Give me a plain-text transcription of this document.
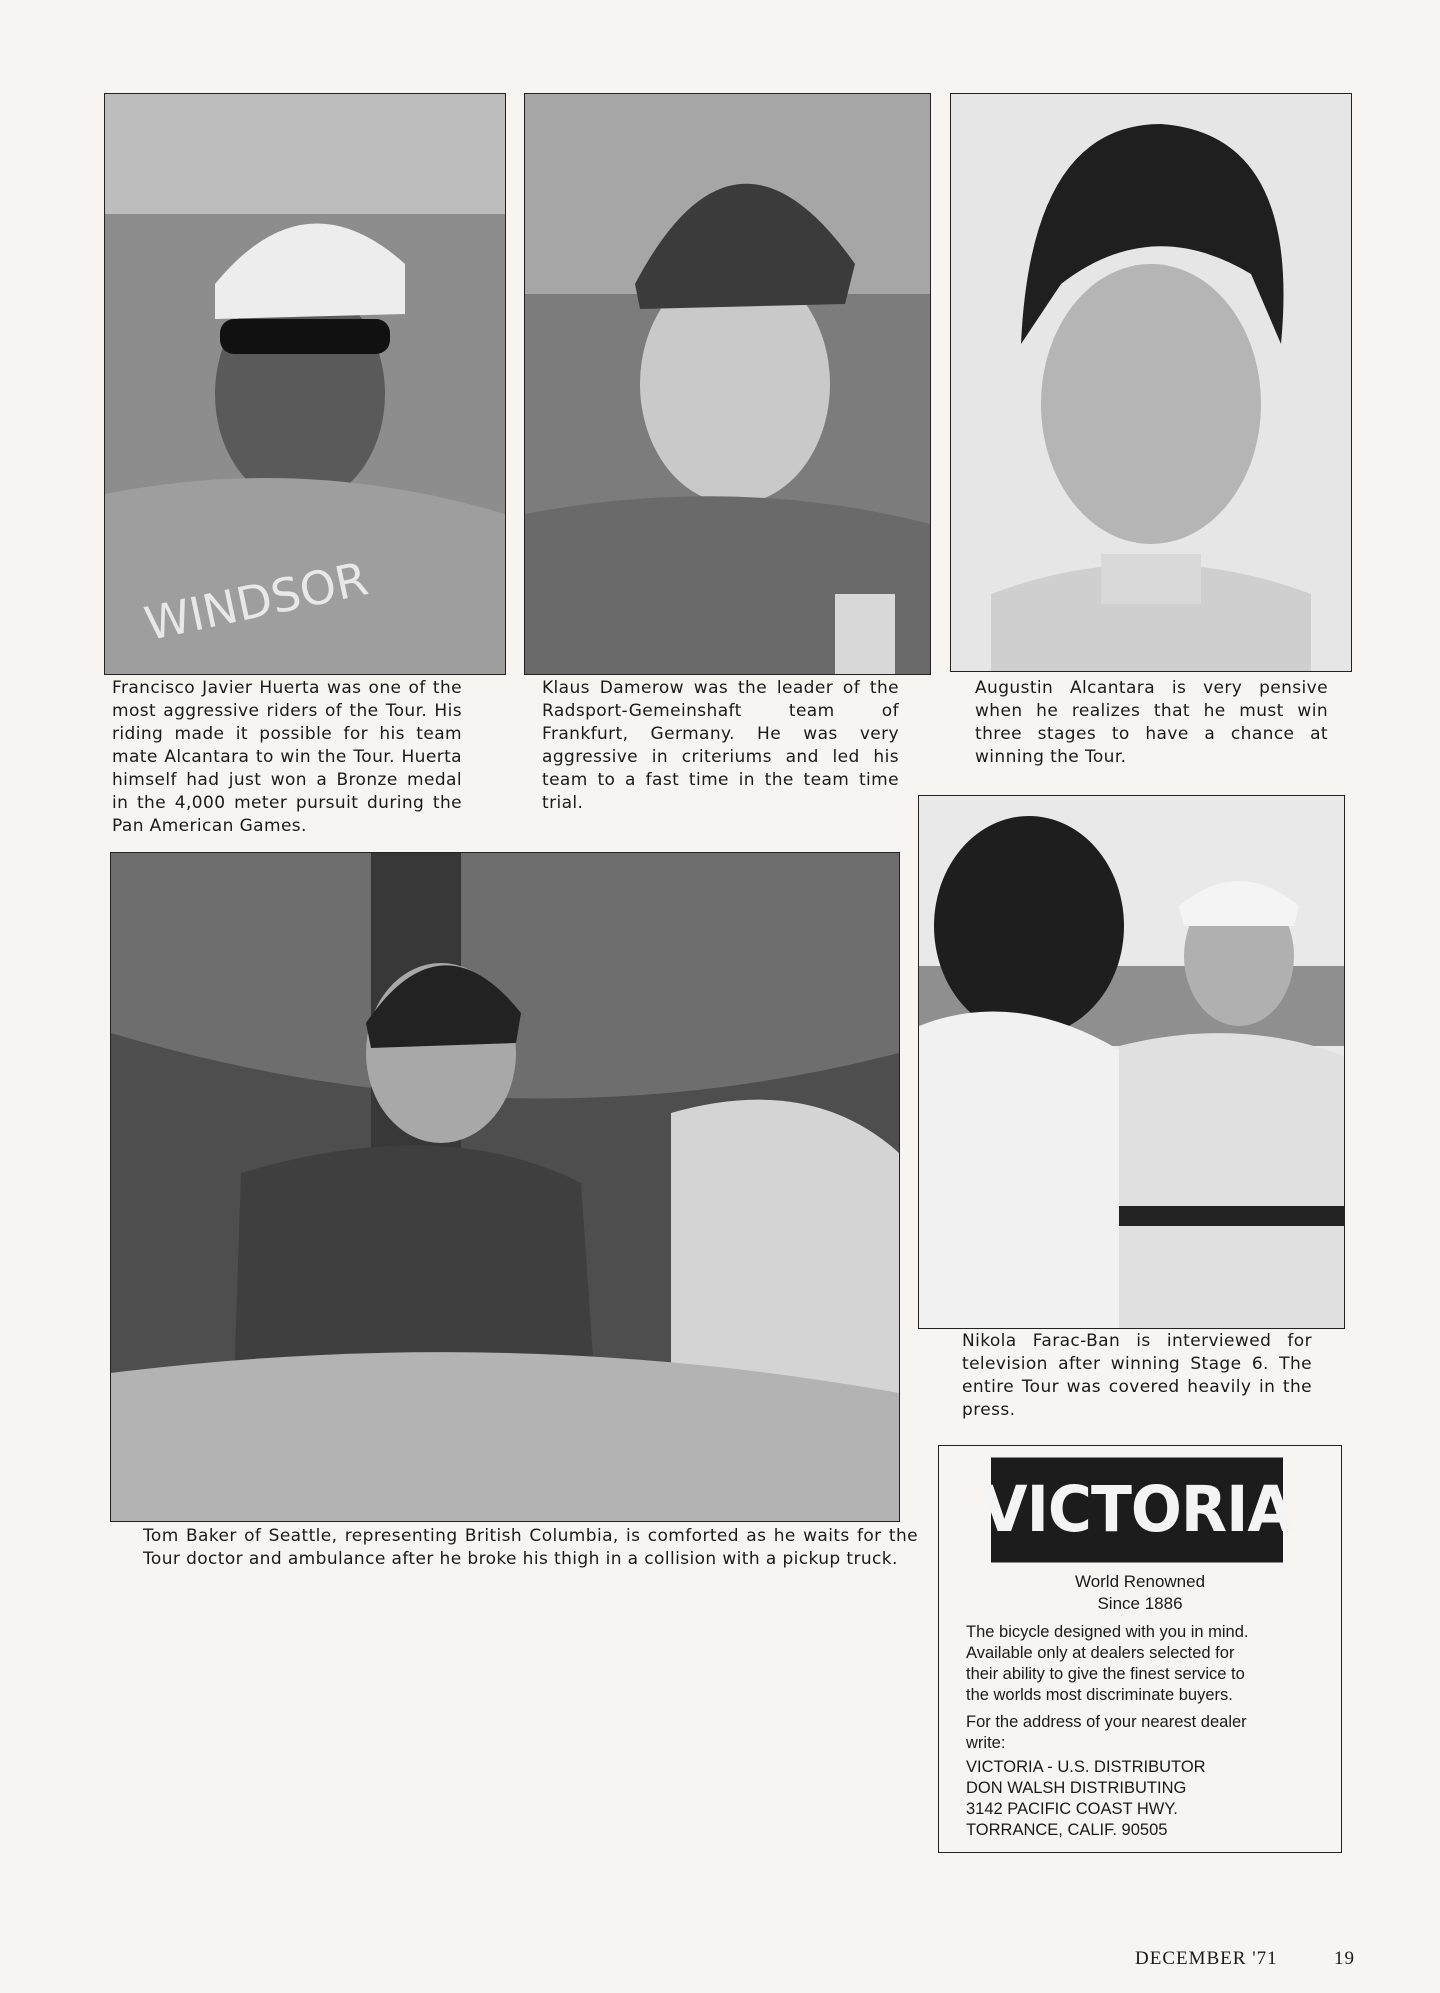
WINDSOR

Francisco Javier Huerta was one of the most aggressive riders of the Tour. His riding made it possible for his team mate Alcantara to win the Tour. Huerta himself had just won a Bronze medal in the 4,000 meter pursuit during the Pan American Games.

Klaus Damerow was the leader of the Radsport-Gemeinshaft team of Frankfurt, Germany. He was very aggressive in criteriums and led his team to a fast time in the team time trial.

Augustin Alcantara is very pensive when he realizes that he must win three stages to have a chance at winning the Tour.

Tom Baker of Seattle, representing British Columbia, is comforted as he waits for the Tour doctor and ambulance after he broke his thigh in a collision with a pickup truck.

Nikola Farac-Ban is interviewed for television after winning Stage 6. The entire Tour was covered heavily in the press.

VICTORIA
World Renowned
Since 1886
The bicycle designed with you in mind.
Available only at dealers selected for
their ability to give the finest service to
the worlds most discriminate buyers.
For the address of your nearest dealer
write:
VICTORIA - U.S. DISTRIBUTOR
DON WALSH DISTRIBUTING
3142 PACIFIC COAST HWY.
TORRANCE, CALIF. 90505
DECEMBER '71	19
